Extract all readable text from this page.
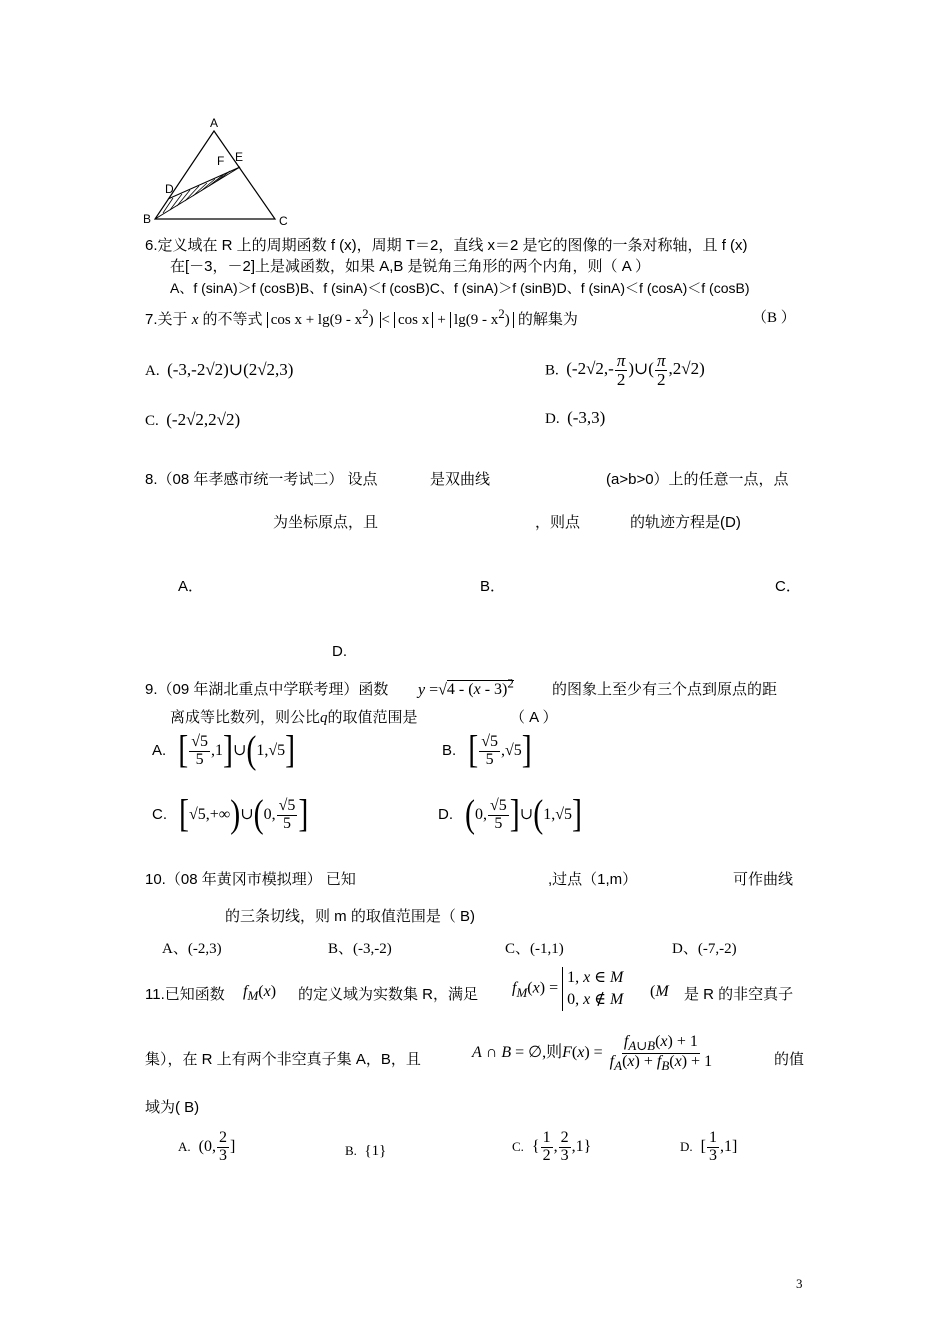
A
B	C
D
E
F
6.定义域在 R 上的周期函数 f (x)，周期 T＝2，直线 x＝2 是它的图像的一条对称轴，且 f (x)
在[－3，－2]上是减函数，如果 A,B 是锐角三角形的两个内角，则（ A ）
A、f (sinA)＞f (cosB)B、f (sinA)＜f (cosB)C、f (sinA)＞f (sinB)D、f (sinA)＜f (cosA)＜f (cosB)
7.关于 x 的不等式 $\cos x + \lg(9 - x^2) < \cos x + \lg(9 - x^2)$ 的解集为	（B ）
A. (-3,-2√2)∪(2√2,3)	B. ($-2√2,- \frac{\pi}{2}$ )∪( $\frac{\pi}{2} ,2√2$)
C. (-2√2,2√2)	D. (-3,3)
8.（08 年孝感市统一考试二） 设点	是双曲线	(a>b>0）上的任意一点，点
为坐标原点，且	，则点	的轨迹方程是(D)
A．	B．	C．
D.
9.（09 年湖北重点中学联考理）函数 y =√4 - (x - 3)$^2$	的图象上至少有三个点到原点的距
离成等比数列，则公比q的取值范围是	（ A ）
A. [ $\frac{√5}{5}$ ,1]∪(1,√5]	B. [ $\frac{√5}{5} ,√5$]
C. [√5,+∞)∪(0, $\frac{√5}{5}$ ]	D. (0, $\frac{√5}{5}$ ]∪(1,√5]
10.（08 年黄冈市模拟理） 已知	,过点（1,m）	可作曲线
的三条切线，则 m 的取值范围是（ B)
A、(-2,3)	B、(-3,-2)	C、(-1,1)	D、(-7,-2)
11.已知函数 $f_M(x)$ 的定义域为实数集 R，满足 $f_M(x)$ =
1, x ∈ M
0, x ∉ M (M 是 R 的非空真子
集），在 R 上有两个非空真子集 A，B，且	A ∩ B = ∅,则$F(x) = \frac{f_{A\cup B}(x) + 1}{f_A(x) + f_B(x) + 1}$	的值
域为( B)
A.  (0, $\frac{2}{3}$ ]	B. {1}	C.  { $\frac{1}{2}$ , $\frac{2}{3} ,1$}	D.  [ $\frac{1}{3} ,1$]
3
